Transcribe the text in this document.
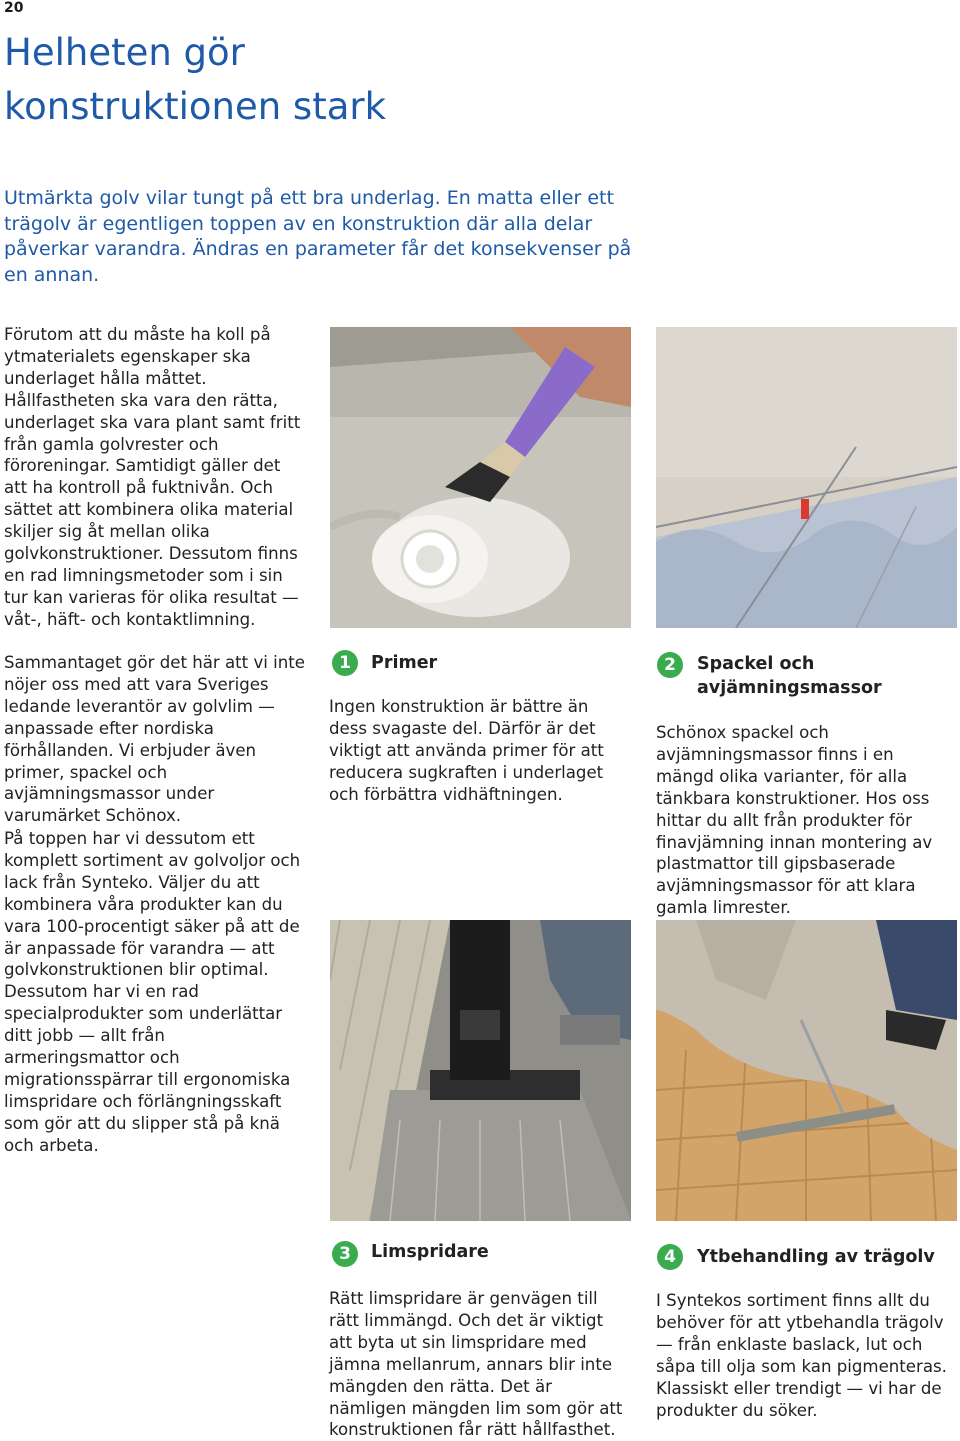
20
Helheten gör
konstruktionen stark

Utmärkta golv vilar tungt på ett bra underlag. En matta eller ett trägolv är egentligen toppen av en konstruktion där alla delar påverkar varandra. Ändras en parameter får det konsekvenser på en annan.

Förutom att du måste ha koll på ytmaterialets egenskaper ska underlaget hålla måttet. Hållfastheten ska vara den rätta, underlaget ska vara plant samt fritt från gamla golvrester och föroreningar. Samtidigt gäller det att ha kontroll på fuktnivån. Och sättet att kombinera olika material skiljer sig åt mellan olika golvkonstruktioner. Dessutom finns en rad limningsmetoder som i sin tur kan varieras för olika resultat — våt-, häft- och kontaktlimning.

Sammantaget gör det här att vi inte nöjer oss med att vara Sveriges ledande leverantör av golvlim — anpassade efter nordiska förhållanden. Vi erbjuder även primer, spackel och avjämningsmassor under varumärket Schönox.

På toppen har vi dessutom ett komplett sortiment av golvoljor och lack från Synteko. Väljer du att kombinera våra produkter kan du vara 100-procentigt säker på att de är anpassade för varandra — att golvkonstruktionen blir optimal. Dessutom har vi en rad specialprodukter som underlättar ditt jobb — allt från armeringsmattor och migrationsspärrar till ergonomiska limspridare och förlängningsskaft som gör att du slipper stå på knä och arbeta.

1	Primer

Ingen konstruktion är bättre än dess svagaste del. Därför är det viktigt att använda primer för att reducera sugkraften i underlaget och förbättra vidhäftningen.

2	Spackel och avjämningsmassor

Schönox spackel och avjämningsmassor finns i en mängd olika varianter, för alla tänkbara konstruktioner. Hos oss hittar du allt från produkter för finavjämning innan montering av plastmattor till gipsbaserade avjämningsmassor för att klara gamla limrester.

3	Limspridare

Rätt limspridare är genvägen till rätt limmängd. Och det är viktigt att byta ut sin limspridare med jämna mellanrum, annars blir inte mängden den rätta. Det är nämligen mängden lim som gör att konstruktionen får rätt hållfasthet.

4	Ytbehandling av trägolv

I Syntekos sortiment finns allt du behöver för att ytbehandla trägolv — från enklaste baslack, lut och såpa till olja som kan pigmenteras. Klassiskt eller trendigt — vi har de produkter du söker.
